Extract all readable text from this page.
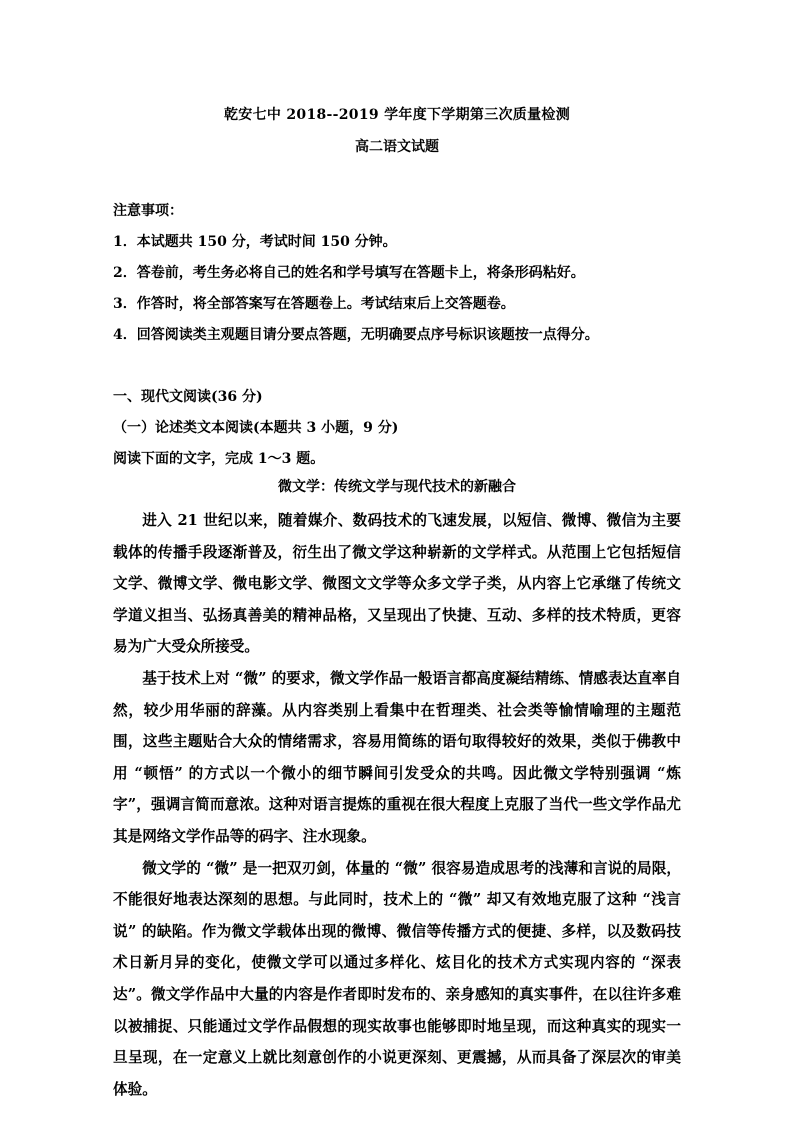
乾安七中 2018--2019 学年度下学期第三次质量检测
高二语文试题
注意事项：
1．本试题共 150 分，考试时间 150 分钟。
2．答卷前，考生务必将自己的姓名和学号填写在答题卡上，将条形码粘好。
3．作答时，将全部答案写在答题卷上。考试结束后上交答题卷。
4．回答阅读类主观题目请分要点答题，无明确要点序号标识该题按一点得分。
一、现代文阅读(36 分)
（一）论述类文本阅读(本题共 3 小题，9 分)
阅读下面的文字，完成 1～3 题。
微文学：传统文学与现代技术的新融合

进入 21 世纪以来，随着媒介、数码技术的飞速发展，以短信、微博、微信为主要载体的传播手段逐渐普及，衍生出了微文学这种崭新的文学样式。从范围上它包括短信文学、微博文学、微电影文学、微图文文学等众多文学子类，从内容上它承继了传统文学道义担当、弘扬真善美的精神品格，又呈现出了快捷、互动、多样的技术特质，更容易为广大受众所接受。

基于技术上对 “微” 的要求，微文学作品一般语言都高度凝结精练、情感表达直率自然，较少用华丽的辞藻。从内容类别上看集中在哲理类、社会类等愉情喻理的主题范围，这些主题贴合大众的情绪需求，容易用简练的语句取得较好的效果，类似于佛教中用 “顿悟” 的方式以一个微小的细节瞬间引发受众的共鸣。因此微文学特别强调 “炼字”，强调言简而意浓。这种对语言提炼的重视在很大程度上克服了当代一些文学作品尤其是网络文学作品等的码字、注水现象。

微文学的 “微” 是一把双刃剑，体量的 “微” 很容易造成思考的浅薄和言说的局限，不能很好地表达深刻的思想。与此同时，技术上的 “微” 却又有效地克服了这种 “浅言说” 的缺陷。作为微文学载体出现的微博、微信等传播方式的便捷、多样，以及数码技术日新月异的变化，使微文学可以通过多样化、炫目化的技术方式实现内容的 “深表达”。微文学作品中大量的内容是作者即时发布的、亲身感知的真实事件，在以往许多难以被捕捉、只能通过文学作品假想的现实故事也能够即时地呈现，而这种真实的现实一旦呈现，在一定意义上就比刻意创作的小说更深刻、更震撼，从而具备了深层次的审美体验。
